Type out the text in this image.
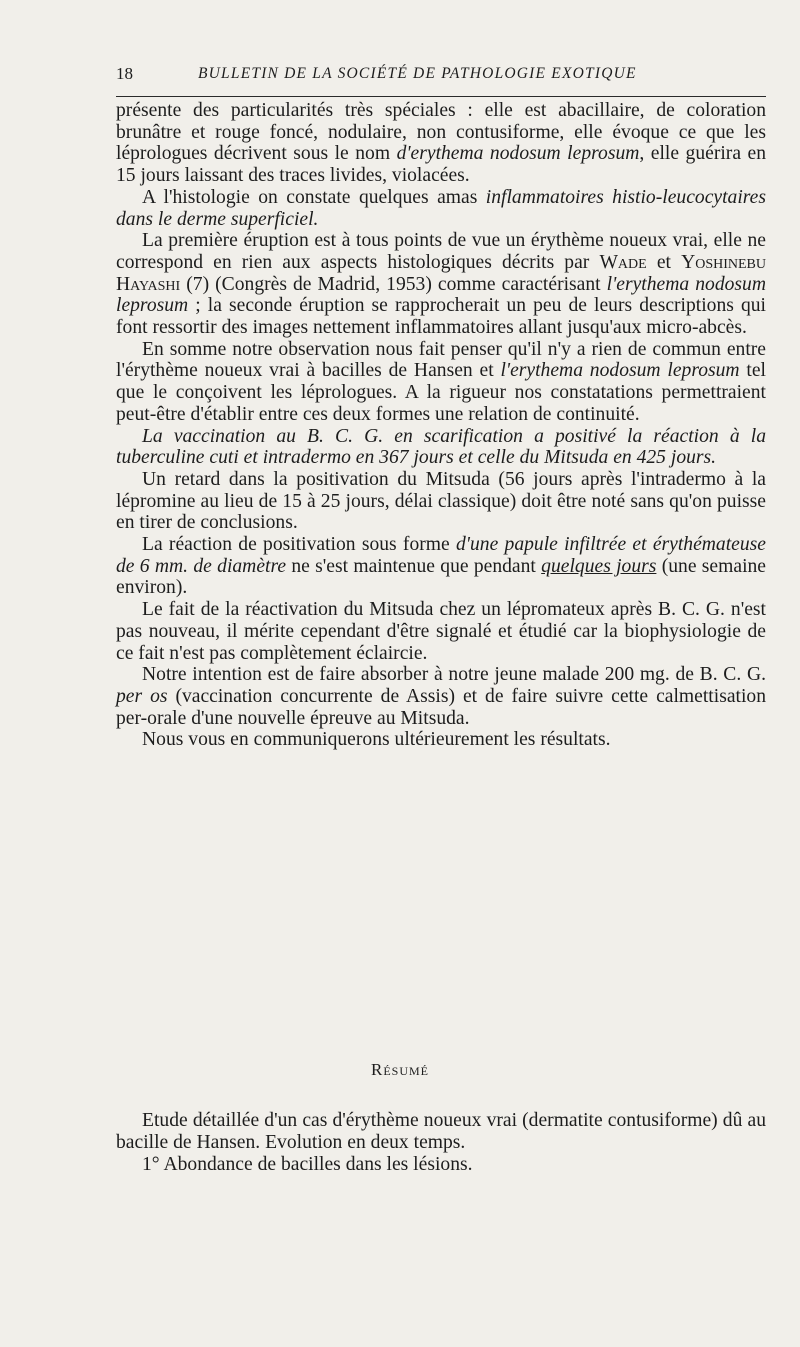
18	BULLETIN DE LA SOCIÉTÉ DE PATHOLOGIE EXOTIQUE

présente des particularités très spéciales : elle est abacillaire, de coloration brunâtre et rouge foncé, nodulaire, non contusiforme, elle évoque ce que les léprologues décrivent sous le nom d'erythema nodosum leprosum, elle guérira en 15 jours laissant des traces livides, violacées.

A l'histologie on constate quelques amas inflammatoires histio-leucocytaires dans le derme superficiel.

La première éruption est à tous points de vue un érythème noueux vrai, elle ne correspond en rien aux aspects histologiques décrits par Wade et Yoshinebu Hayashi (7) (Congrès de Madrid, 1953) comme caractérisant l'erythema nodosum leprosum ; la seconde éruption se rapprocherait un peu de leurs descriptions qui font ressortir des images nettement inflammatoires allant jusqu'aux micro-abcès.

En somme notre observation nous fait penser qu'il n'y a rien de commun entre l'érythème noueux vrai à bacilles de Hansen et l'erythema nodosum leprosum tel que le conçoivent les léprologues. A la rigueur nos constatations permettraient peut-être d'établir entre ces deux formes une relation de continuité.

La vaccination au B. C. G. en scarification a positivé la réaction à la tuberculine cuti et intradermo en 367 jours et celle du Mitsuda en 425 jours.

Un retard dans la positivation du Mitsuda (56 jours après l'intradermo à la lépromine au lieu de 15 à 25 jours, délai classique) doit être noté sans qu'on puisse en tirer de conclusions.

La réaction de positivation sous forme d'une papule infiltrée et érythémateuse de 6 mm. de diamètre ne s'est maintenue que pendant quelques jours (une semaine environ).

Le fait de la réactivation du Mitsuda chez un lépromateux après B. C. G. n'est pas nouveau, il mérite cependant d'être signalé et étudié car la biophysiologie de ce fait n'est pas complètement éclaircie.

Notre intention est de faire absorber à notre jeune malade 200 mg. de B. C. G. per os (vaccination concurrente de Assis) et de faire suivre cette calmettisation per-orale d'une nouvelle épreuve au Mitsuda.

Nous vous en communiquerons ultérieurement les résultats.

Résumé

Etude détaillée d'un cas d'érythème noueux vrai (dermatite contusiforme) dû au bacille de Hansen. Evolution en deux temps.

1° Abondance de bacilles dans les lésions.
